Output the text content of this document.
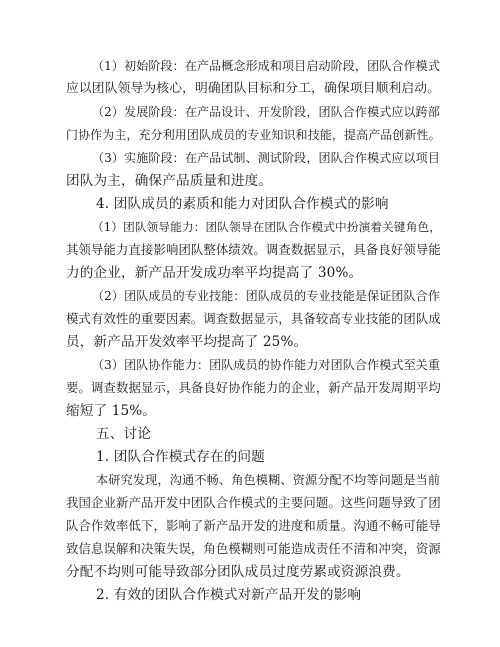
（1）初始阶段：在产品概念形成和项目启动阶段，团队合作模式
应以团队领导为核心，明确团队目标和分工，确保项目顺利启动。
（2）发展阶段：在产品设计、开发阶段，团队合作模式应以跨部
门协作为主，充分利用团队成员的专业知识和技能，提高产品创新性。
（3）实施阶段：在产品试制、测试阶段，团队合作模式应以项目
团队为主，确保产品质量和进度。
4. 团队成员的素质和能力对团队合作模式的影响
（1）团队领导能力：团队领导在团队合作模式中扮演着关键角色，
其领导能力直接影响团队整体绩效。调查数据显示，具备良好领导能
力的企业，新产品开发成功率平均提高了 30%。
（2）团队成员的专业技能：团队成员的专业技能是保证团队合作
模式有效性的重要因素。调查数据显示，具备较高专业技能的团队成
员，新产品开发效率平均提高了 25%。
（3）团队协作能力：团队成员的协作能力对团队合作模式至关重
要。调查数据显示，具备良好协作能力的企业，新产品开发周期平均
缩短了 15%。
五、讨论
1. 团队合作模式存在的问题
本研究发现，沟通不畅、角色模糊、资源分配不均等问题是当前
我国企业新产品开发中团队合作模式的主要问题。这些问题导致了团
队合作效率低下，影响了新产品开发的进度和质量。沟通不畅可能导
致信息误解和决策失误，角色模糊则可能造成责任不清和冲突，资源
分配不均则可能导致部分团队成员过度劳累或资源浪费。
2. 有效的团队合作模式对新产品开发的影响
